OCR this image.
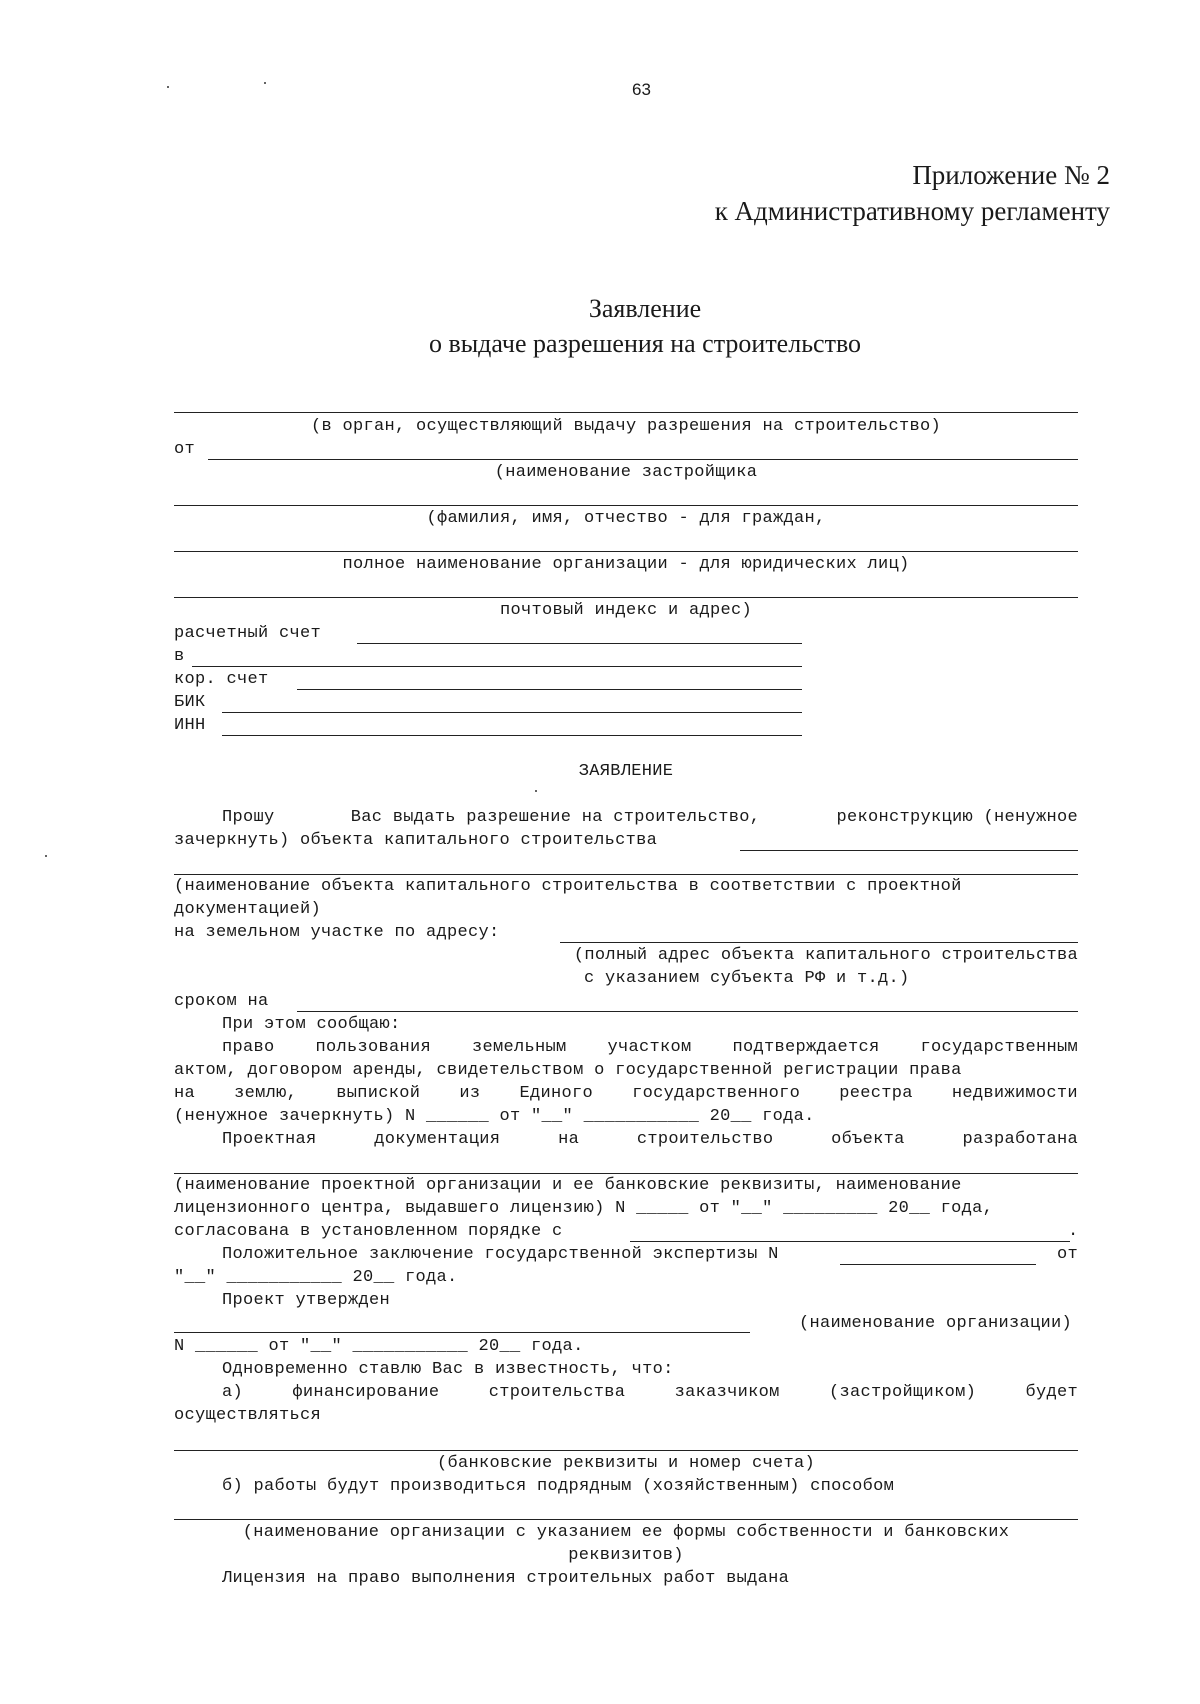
63
Приложение № 2
к Административному регламенту
Заявление
о выдаче разрешения на строительство
(в орган, осуществляющий выдачу разрешения на строительство)
от
(наименование застройщика
(фамилия, имя, отчество - для граждан,
полное наименование организации - для юридических лиц)
почтовый индекс и адрес)
расчетный счет
в
кор. счет
БИК
ИНН
ЗАЯВЛЕНИЕ
Прошу	Вас выдать разрешение на строительство,	реконструкцию (ненужное
зачеркнуть) объекта капитального строительства
(наименование объекта капитального строительства в соответствии с проектной
документацией)
на земельном участке по адресу:
(полный адрес объекта капитального строительства
с указанием субъекта РФ и т.д.)
сроком на
При этом сообщаю:
право пользования земельным участком подтверждается государственным
актом, договором аренды, свидетельством о государственной регистрации права
на землю, выпиской из Единого государственного реестра недвижимости
(ненужное зачеркнуть) N ______ от "__" ___________ 20__ года.
Проектная	документация	на	строительство	объекта	разработана
(наименование проектной организации и ее банковские реквизиты, наименование
лицензионного центра, выдавшего лицензию) N _____ от "__" _________ 20__ года,
согласована в установленном порядке с	.
Положительное заключение государственной экспертизы N	от
"__" ___________ 20__ года.
Проект утвержден
(наименование организации)
N ______ от "__" ___________ 20__ года.
Одновременно ставлю Вас в известность, что:
а)	финансирование	строительства	заказчиком	(застройщиком)	будет
осуществляться
(банковские реквизиты и номер счета)
б) работы будут производиться подрядным (хозяйственным) способом
(наименование организации с указанием ее формы собственности и банковских
реквизитов)
Лицензия на право выполнения строительных работ выдана
